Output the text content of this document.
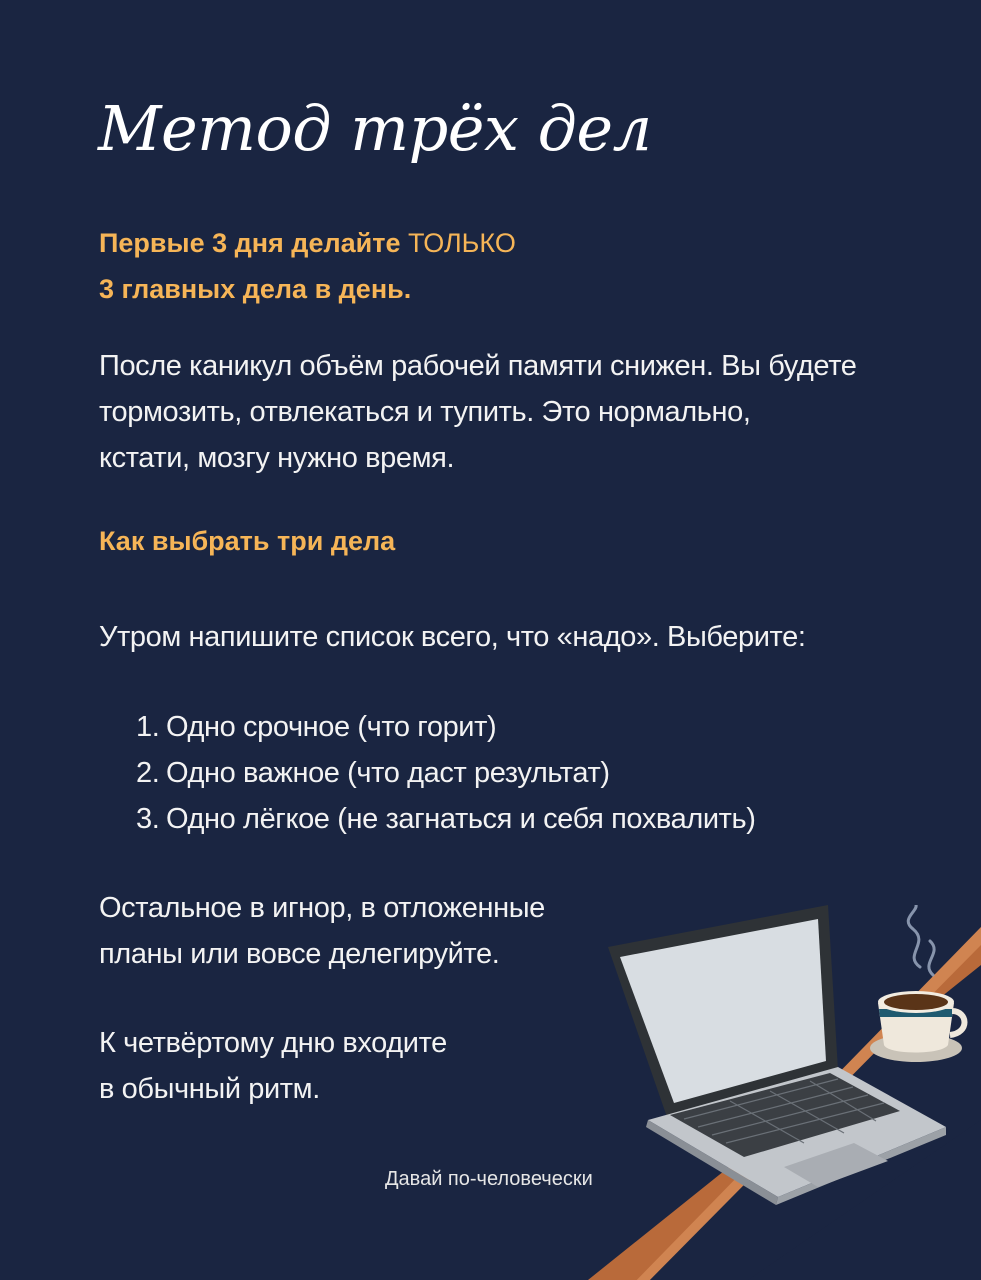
Метод трёх дел
Первые 3 дня делайте ТОЛЬКО
3 главных дела в день.
После каникул объём рабочей памяти снижен. Вы будете
тормозить, отвлекаться и тупить. Это нормально,
кстати, мозгу нужно время.
Как выбрать три дела
Утром напишите список всего, что «надо». Выберите:
1. Одно срочное (что горит)
2. Одно важное (что даст результат)
3. Одно лёгкое (не загнаться и себя похвалить)
Остальное в игнор, в отложенные
планы или вовсе делегируйте.
К четвёртому дню входите
в обычный ритм.
Давай по-человечески
